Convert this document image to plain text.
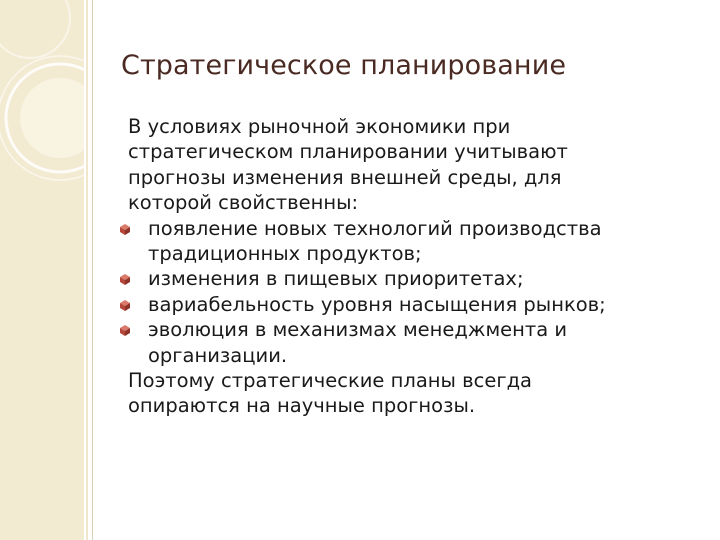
Стратегическое планирование
В условиях рыночной экономики при
стратегическом планировании учитывают
прогнозы изменения внешней среды, для
которой свойственны:
появление новых технологий производства
традиционных продуктов;
изменения в пищевых приоритетах;
вариабельность уровня насыщения рынков;
эволюция в механизмах менеджмента и
организации.
Поэтому стратегические планы всегда
опираются на научные прогнозы.
